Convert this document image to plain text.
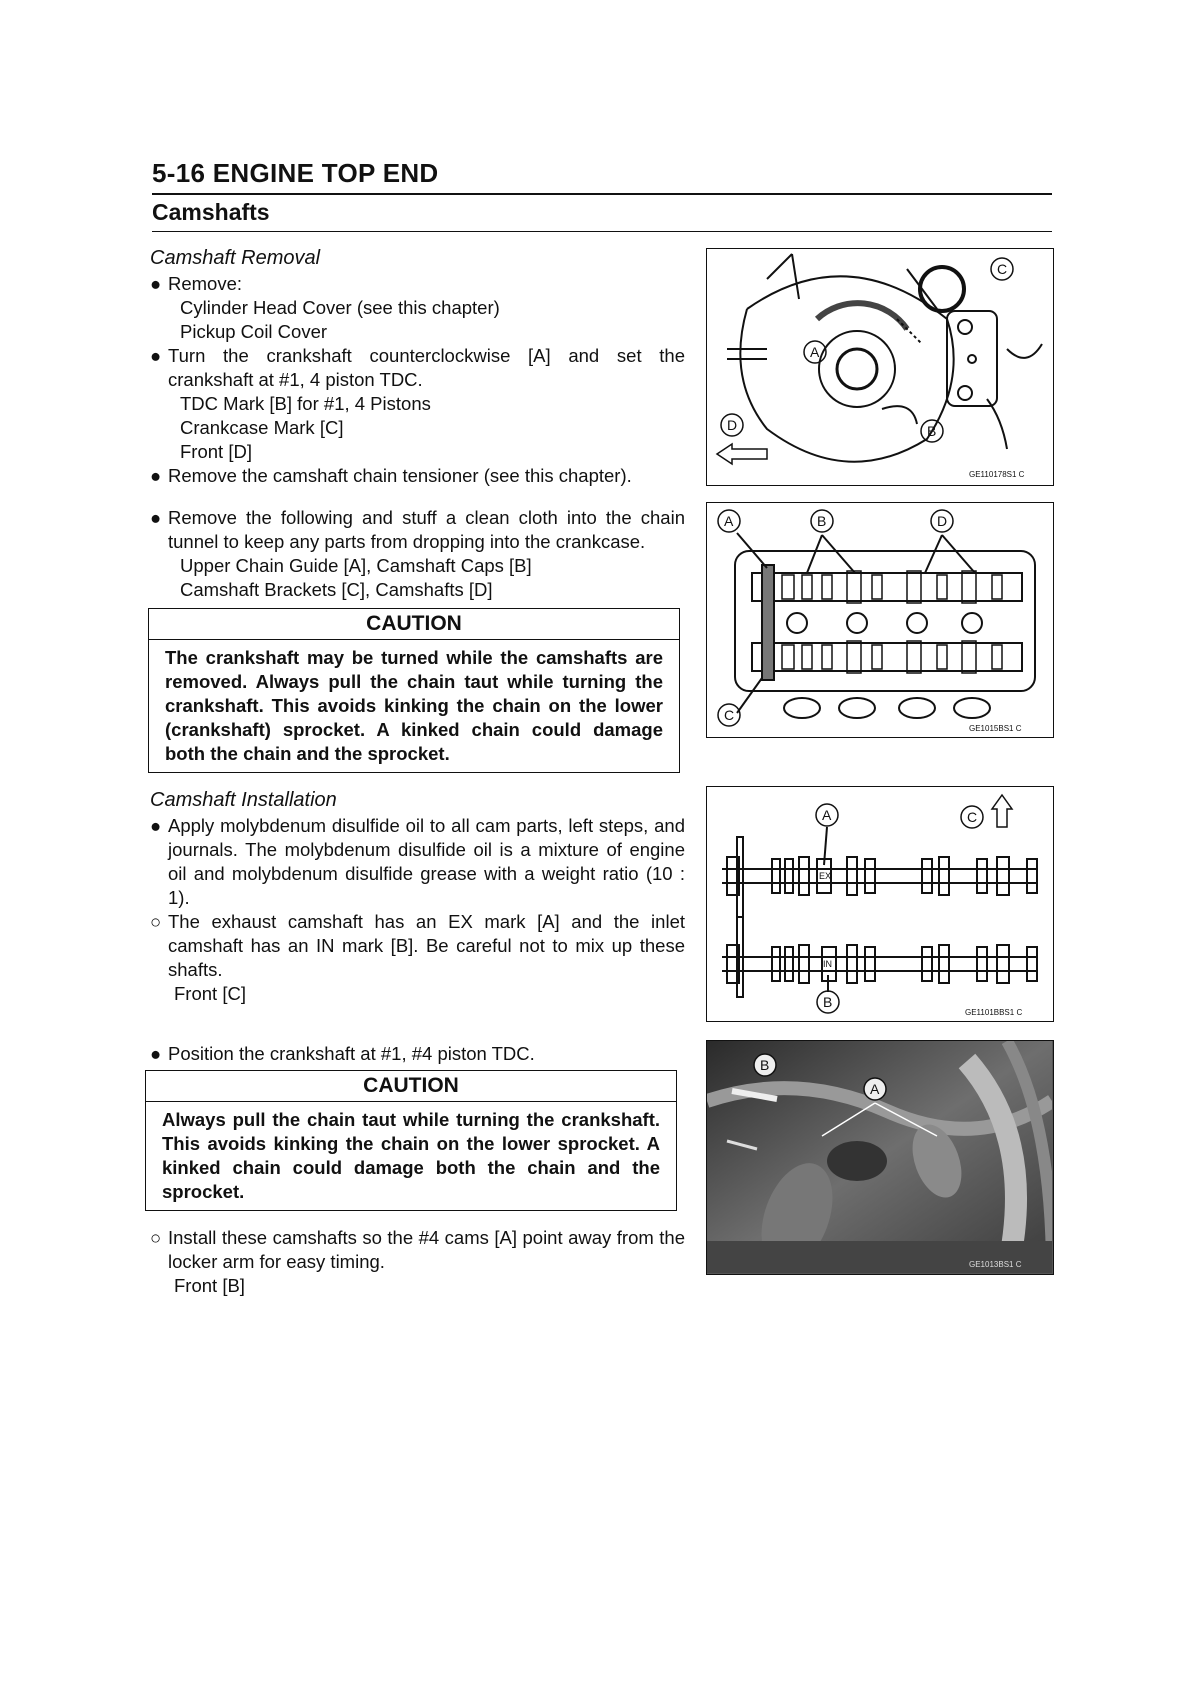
5-16 ENGINE TOP END
Camshafts
Camshaft Removal
● Remove:
Cylinder Head Cover (see this chapter)
Pickup Coil Cover
● Turn the crankshaft counterclockwise [A] and set the crankshaft at #1, 4 piston TDC.
TDC Mark [B] for #1, 4 Pistons
Crankcase Mark [C]
Front [D]
● Remove the camshaft chain tensioner (see this chapter).
● Remove the following and stuff a clean cloth into the chain tunnel to keep any parts from dropping into the crankcase.
Upper Chain Guide [A], Camshaft Caps [B]
Camshaft Brackets [C], Camshafts [D]
CAUTION
The crankshaft may be turned while the camshafts are removed. Always pull the chain taut while turning the crankshaft. This avoids kinking the chain on the lower (crankshaft) sprocket. A kinked chain could damage both the chain and the sprocket.
Camshaft Installation
● Apply molybdenum disulfide oil to all cam parts, left steps, and journals. The molybdenum disulfide oil is a mixture of engine oil and molybdenum disulfide grease with a weight ratio (10 : 1).
○ The exhaust camshaft has an EX mark [A] and the inlet camshaft has an IN mark [B]. Be careful not to mix up these shafts.
Front [C]
● Position the crankshaft at #1, #4 piston TDC.
CAUTION
Always pull the chain taut while turning the crankshaft. This avoids kinking the chain on the lower sprocket. A kinked chain could damage both the chain and the sprocket.
○ Install these camshafts so the #4 cams [A] point away from the locker arm for easy timing.
Front [B]
C
A
B
D
GE110178S1 C
A	B	D
C
GE1015BS1 C
EX
IN
A	C
B
GE1101BBS1 C
B
A
GE1013BS1 C
